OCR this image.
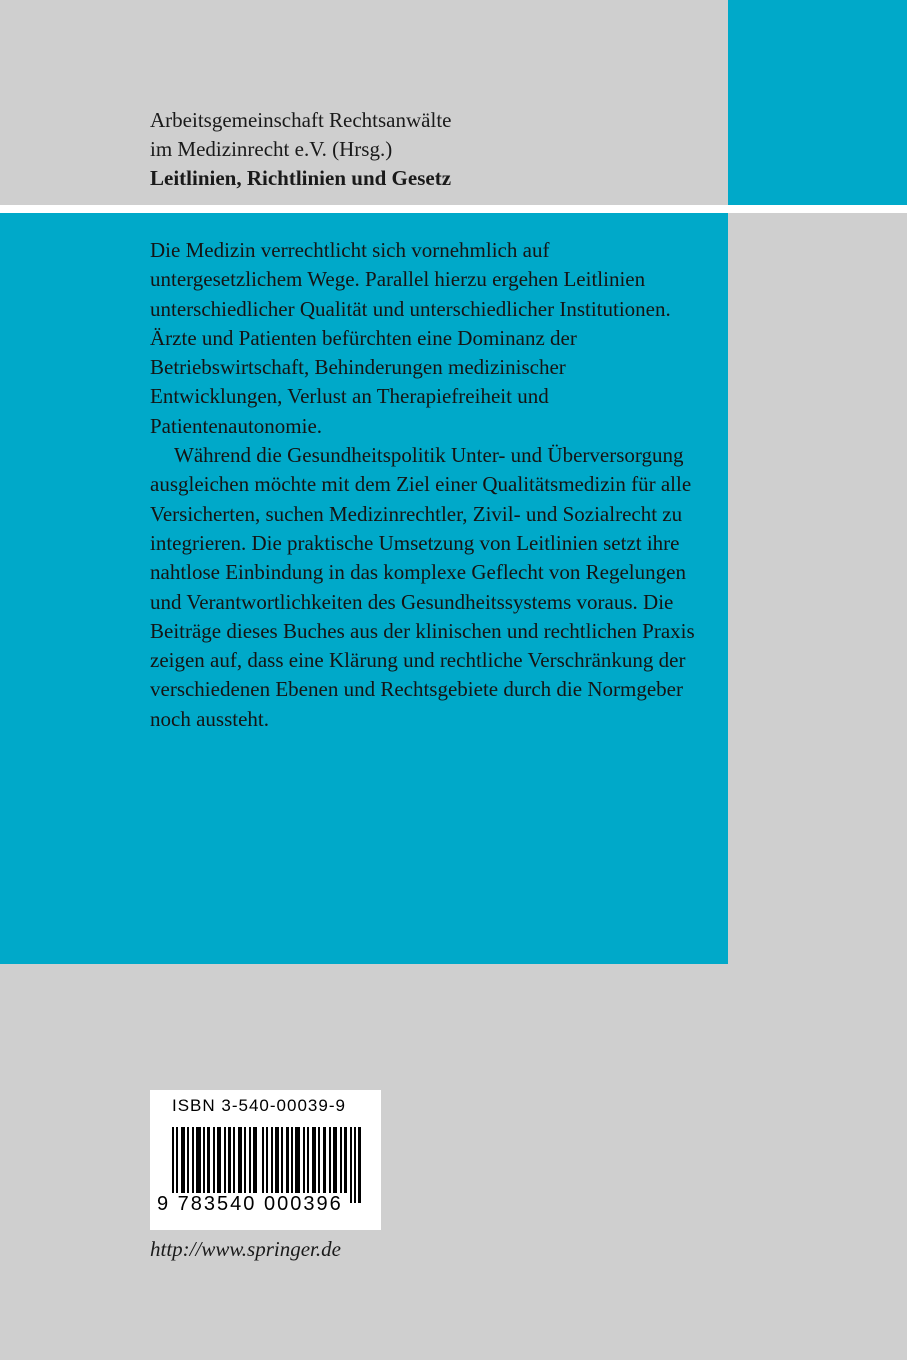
Arbeitsgemeinschaft Rechtsanwälte
im Medizinrecht e.V. (Hrsg.)
Leitlinien, Richtlinien und Gesetz

Die Medizin verrechtlicht sich vornehmlich auf untergesetzlichem Wege. Parallel hierzu ergehen Leitlinien unterschiedlicher Qualität und unterschiedlicher Institutionen. Ärzte und Patienten befürchten eine Dominanz der Betriebswirtschaft, Behinderungen medizinischer Entwicklungen, Verlust an Therapiefreiheit und Patientenautonomie.

Während die Gesundheitspolitik Unter- und Überversorgung ausgleichen möchte mit dem Ziel einer Qualitätsmedizin für alle Versicherten, suchen Medizinrechtler, Zivil- und Sozialrecht zu integrieren. Die praktische Umsetzung von Leitlinien setzt ihre nahtlose Einbindung in das komplexe Geflecht von Regelungen und Verantwortlichkeiten des Gesundheitssystems voraus. Die Beiträge dieses Buches aus der klinischen und rechtlichen Praxis zeigen auf, dass eine Klärung und rechtliche Verschränkung der verschiedenen Ebenen und Rechtsgebiete durch die Normgeber noch aussteht.

ISBN 3-540-00039-9
9 783540 000396
http://www.springer.de
